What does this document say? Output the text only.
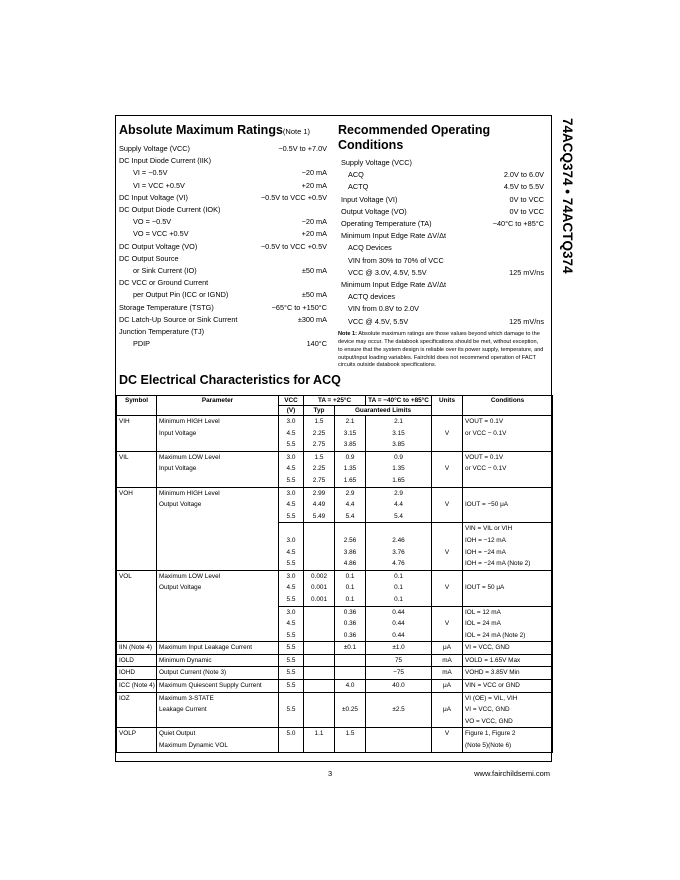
74ACQ374 • 74ACTQ374
Absolute Maximum Ratings(Note 1)
Supply Voltage (VCC)	−0.5V to +7.0V
DC Input Diode Current (IIK)
VI = −0.5V	−20 mA
VI = VCC +0.5V	+20 mA
DC Input Voltage (VI)	−0.5V to VCC +0.5V
DC Output Diode Current (IOK)
VO = −0.5V	−20 mA
VO = VCC +0.5V	+20 mA
DC Output Voltage (VO)	−0.5V to VCC +0.5V
DC Output Source
or Sink Current (IO)	±50 mA
DC VCC or Ground Current
per Output Pin (ICC or IGND)	±50 mA
Storage Temperature (TSTG)	−65°C to +150°C
DC Latch-Up Source or Sink Current	±300 mA
Junction Temperature (TJ)
PDIP	140°C
Recommended Operating
Conditions
Supply Voltage (VCC)
ACQ	2.0V to 6.0V
ACTQ	4.5V to 5.5V
Input Voltage (VI)	0V to VCC
Output Voltage (VO)	0V to VCC
Operating Temperature (TA)	−40°C to +85°C
Minimum Input Edge Rate ΔV/Δt
ACQ Devices
VIN from 30% to 70% of VCC
VCC @ 3.0V, 4.5V, 5.5V	125 mV/ns
Minimum Input Edge Rate ΔV/Δt
ACTQ devices
VIN from 0.8V to 2.0V
VCC @ 4.5V, 5.5V	125 mV/ns
Note 1: Absolute maximum ratings are those values beyond which damage to the device may occur. The databook specifications should be met, without exception, to ensure that the system design is reliable over its power supply, temperature, and output/input loading variables. Fairchild does not recommend operation of FACT circuits outside databook specifications.
DC Electrical Characteristics for ACQ
Symbol	Parameter	VCC	TA = +25°C		TA = −40°C to +85°C	Units	Conditions
		(V)	Typ	Guaranteed Limits			
VIH	Minimum HIGH Level	3.0	1.5	2.1	2.1		VOUT = 0.1V
	Input Voltage	4.5	2.25	3.15	3.15	V	or VCC − 0.1V
		5.5	2.75	3.85	3.85		
VIL	Maximum LOW Level	3.0	1.5	0.9	0.9		VOUT = 0.1V
	Input Voltage	4.5	2.25	1.35	1.35	V	or VCC − 0.1V
		5.5	2.75	1.65	1.65		
VOH	Minimum HIGH Level	3.0	2.99	2.9	2.9		
	Output Voltage	4.5	4.49	4.4	4.4	V	IOUT = −50 μA
		5.5	5.49	5.4	5.4		
							VIN = VIL or VIH
		3.0		2.56	2.46		IOH = −12 mA
		4.5		3.86	3.76	V	IOH = −24 mA
		5.5		4.86	4.76		IOH = −24 mA (Note 2)
VOL	Maximum LOW Level	3.0	0.002	0.1	0.1		
	Output Voltage	4.5	0.001	0.1	0.1	V	IOUT = 50 μA
		5.5	0.001	0.1	0.1		
		3.0		0.36	0.44		IOL = 12 mA
		4.5		0.36	0.44	V	IOL = 24 mA
		5.5		0.36	0.44		IOL = 24 mA (Note 2)
IIN (Note 4)	Maximum Input Leakage Current	5.5		±0.1	±1.0	μA	VI = VCC, GND
IOLD	Minimum Dynamic	5.5			75	mA	VOLD = 1.65V Max
IOHD	Output Current (Note 3)	5.5			−75	mA	VOHD = 3.85V Min
ICC (Note 4)	Maximum Quiescent Supply Current	5.5		4.0	40.0	μA	VIN = VCC or GND
IOZ	Maximum 3-STATE						VI (OE) = VIL, VIH
	Leakage Current	5.5		±0.25	±2.5	μA	VI = VCC, GND
							VO = VCC, GND
VOLP	Quiet Output	5.0	1.1	1.5		V	Figure 1, Figure 2
	Maximum Dynamic VOL						(Note 5)(Note 6)
3	www.fairchildsemi.com
